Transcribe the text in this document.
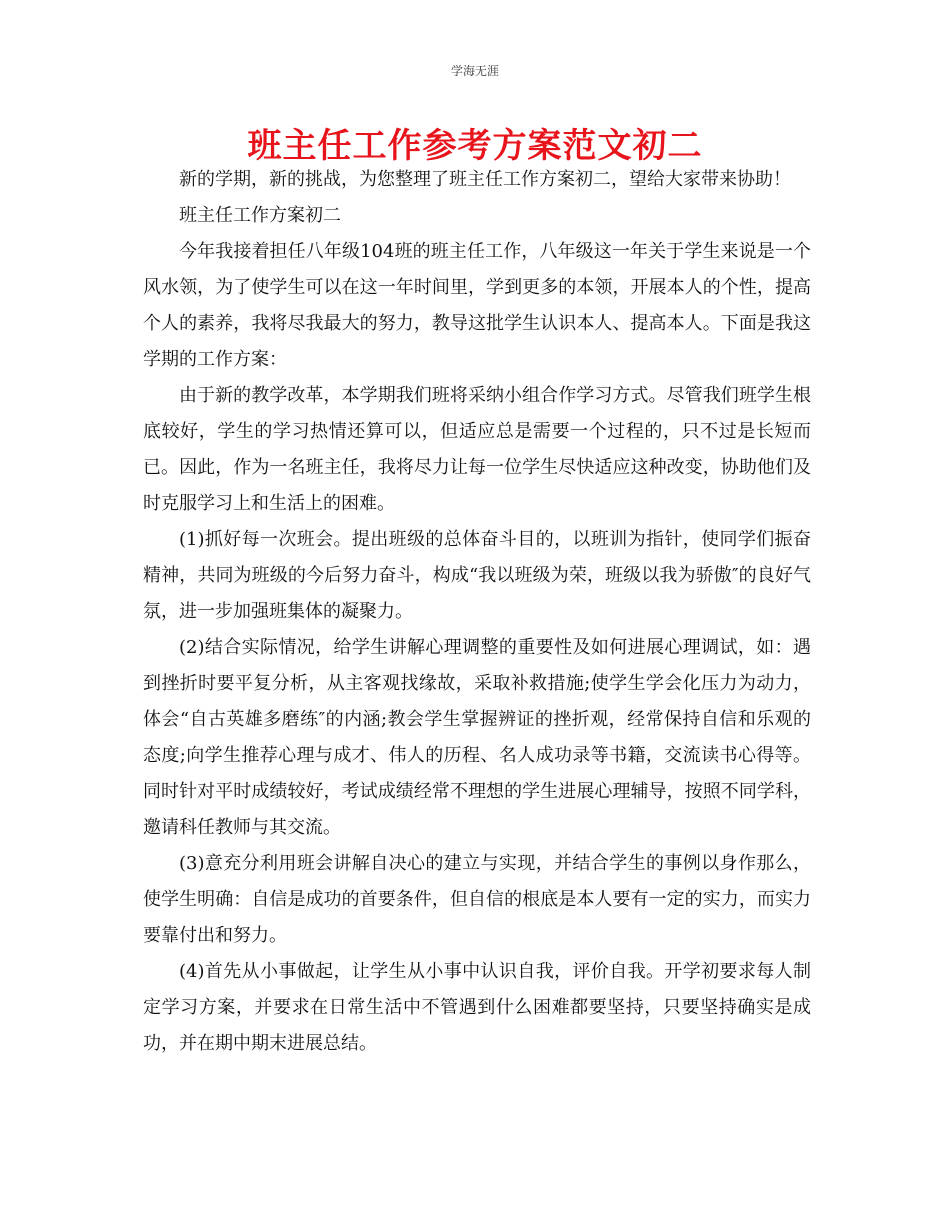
学海无涯

班主任工作参考方案范文初二

新的学期，新的挑战，为您整理了班主任工作方案初二，望给大家带来协助！

班主任工作方案初二

今年我接着担任八年级104班的班主任工作，八年级这一年关于学生来说是一个风水领，为了使学生可以在这一年时间里，学到更多的本领，开展本人的个性，提高个人的素养，我将尽我最大的努力，教导这批学生认识本人、提高本人。下面是我这学期的工作方案：

由于新的教学改革，本学期我们班将采纳小组合作学习方式。尽管我们班学生根底较好，学生的学习热情还算可以，但适应总是需要一个过程的，只不过是长短而已。因此，作为一名班主任，我将尽力让每一位学生尽快适应这种改变，协助他们及时克服学习上和生活上的困难。

(1)抓好每一次班会。提出班级的总体奋斗目的，以班训为指针，使同学们振奋精神，共同为班级的今后努力奋斗，构成“我以班级为荣，班级以我为骄傲″的良好气氛，进一步加强班集体的凝聚力。

(2)结合实际情况，给学生讲解心理调整的重要性及如何进展心理调试，如：遇到挫折时要平复分析，从主客观找缘故，采取补救措施;使学生学会化压力为动力，体会“自古英雄多磨练″的内涵;教会学生掌握辨证的挫折观，经常保持自信和乐观的态度;向学生推荐心理与成才、伟人的历程、名人成功录等书籍，交流读书心得等。同时针对平时成绩较好，考试成绩经常不理想的学生进展心理辅导，按照不同学科，邀请科任教师与其交流。

(3)意充分利用班会讲解自决心的建立与实现，并结合学生的事例以身作那么，使学生明确：自信是成功的首要条件，但自信的根底是本人要有一定的实力，而实力要靠付出和努力。

(4)首先从小事做起，让学生从小事中认识自我，评价自我。开学初要求每人制定学习方案，并要求在日常生活中不管遇到什么困难都要坚持，只要坚持确实是成功，并在期中期末进展总结。
